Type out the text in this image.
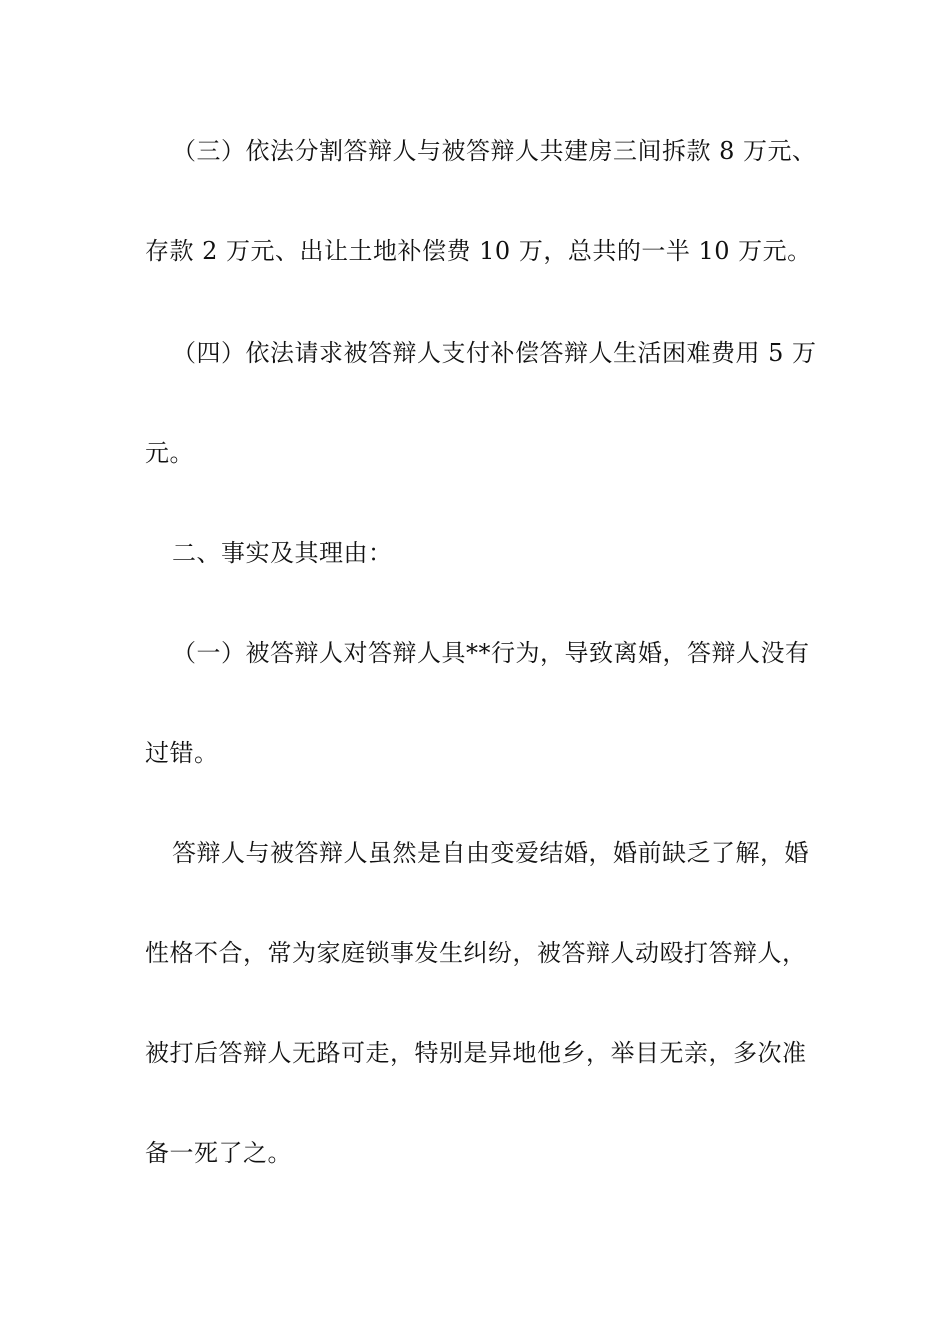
（三）依法分割答辩人与被答辩人共建房三间拆款 8 万元、
存款 2 万元、出让土地补偿费 10 万，总共的一半 10 万元。
（四）依法请求被答辩人支付补偿答辩人生活困难费用 5 万
元。
二、事实及其理由：
（一）被答辩人对答辩人具**行为，导致离婚，答辩人没有
过错。
答辩人与被答辩人虽然是自由变爱结婚，婚前缺乏了解，婚
性格不合，常为家庭锁事发生纠纷，被答辩人动殴打答辩人，
被打后答辩人无路可走，特别是异地他乡，举目无亲，多次准
备一死了之。
